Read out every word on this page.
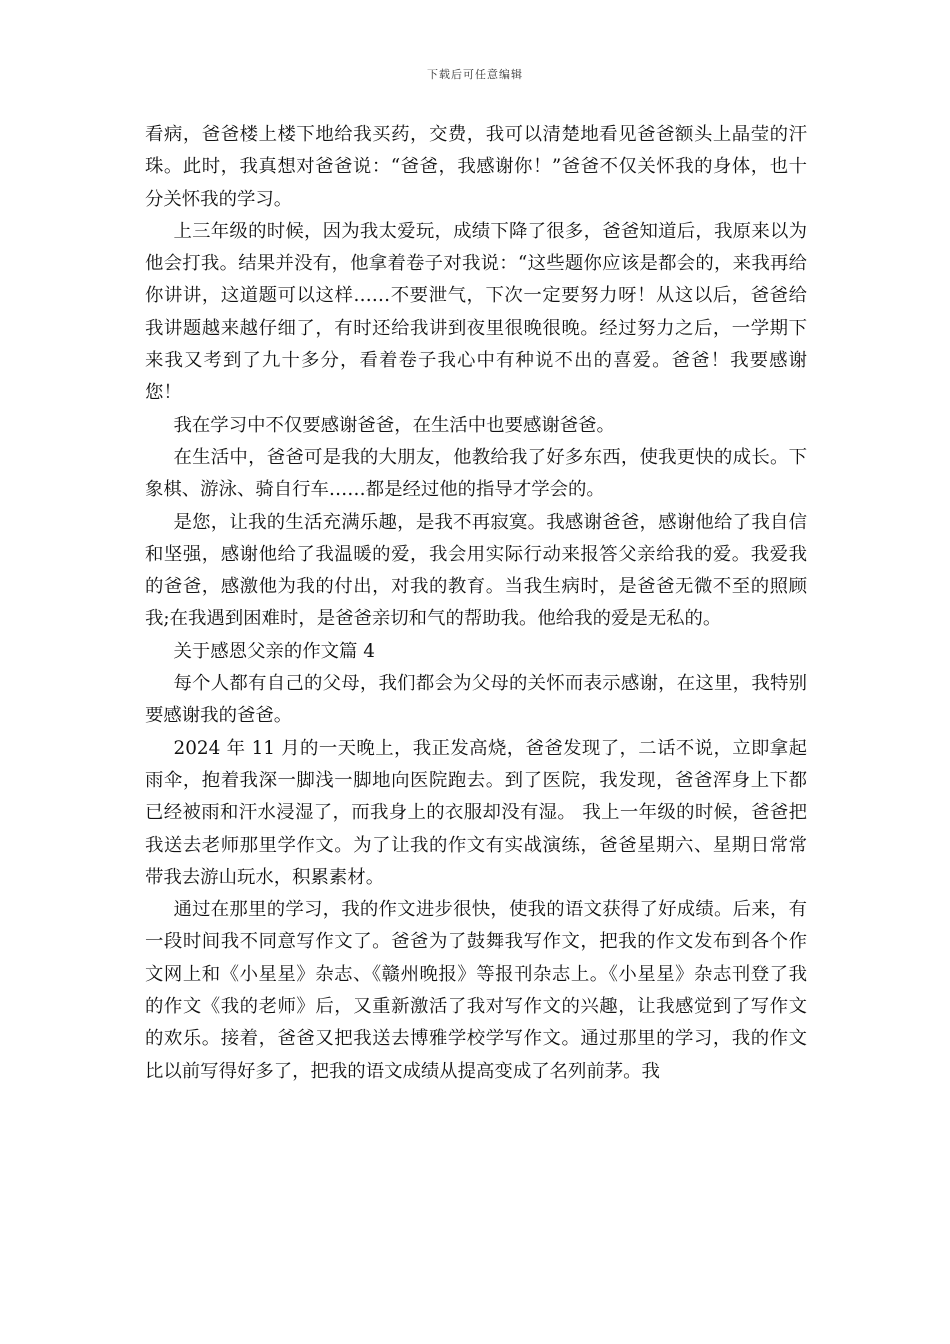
下载后可任意编辑

看病，爸爸楼上楼下地给我买药，交费，我可以清楚地看见爸爸额头上晶莹的汗珠。此时，我真想对爸爸说：“爸爸，我感谢你！”爸爸不仅关怀我的身体，也十分关怀我的学习。

上三年级的时候，因为我太爱玩，成绩下降了很多，爸爸知道后，我原来以为他会打我。结果并没有，他拿着卷子对我说：“这些题你应该是都会的，来我再给你讲讲，这道题可以这样……不要泄气，下次一定要努力呀！从这以后，爸爸给我讲题越来越仔细了，有时还给我讲到夜里很晚很晚。经过努力之后，一学期下来我又考到了九十多分，看着卷子我心中有种说不出的喜爱。爸爸！我要感谢您！

我在学习中不仅要感谢爸爸，在生活中也要感谢爸爸。

在生活中，爸爸可是我的大朋友，他教给我了好多东西，使我更快的成长。下象棋、游泳、骑自行车……都是经过他的指导才学会的。

是您，让我的生活充满乐趣，是我不再寂寞。我感谢爸爸，感谢他给了我自信和坚强，感谢他给了我温暖的爱，我会用实际行动来报答父亲给我的爱。我爱我的爸爸，感激他为我的付出，对我的教育。当我生病时，是爸爸无微不至的照顾我;在我遇到困难时，是爸爸亲切和气的帮助我。他给我的爱是无私的。

关于感恩父亲的作文篇 4

每个人都有自己的父母，我们都会为父母的关怀而表示感谢，在这里，我特别要感谢我的爸爸。

2024 年 11 月的一天晚上，我正发高烧，爸爸发现了，二话不说，立即拿起雨伞，抱着我深一脚浅一脚地向医院跑去。到了医院，我发现，爸爸浑身上下都已经被雨和汗水浸湿了，而我身上的衣服却没有湿。 我上一年级的时候，爸爸把我送去老师那里学作文。为了让我的作文有实战演练，爸爸星期六、星期日常常带我去游山玩水，积累素材。

通过在那里的学习，我的作文进步很快，使我的语文获得了好成绩。后来，有一段时间我不同意写作文了。爸爸为了鼓舞我写作文，把我的作文发布到各个作文网上和《小星星》杂志、《赣州晚报》等报刊杂志上。《小星星》杂志刊登了我的作文《我的老师》后，又重新激活了我对写作文的兴趣，让我感觉到了写作文的欢乐。接着，爸爸又把我送去博雅学校学写作文。通过那里的学习，我的作文比以前写得好多了，把我的语文成绩从提高变成了名列前茅。我
